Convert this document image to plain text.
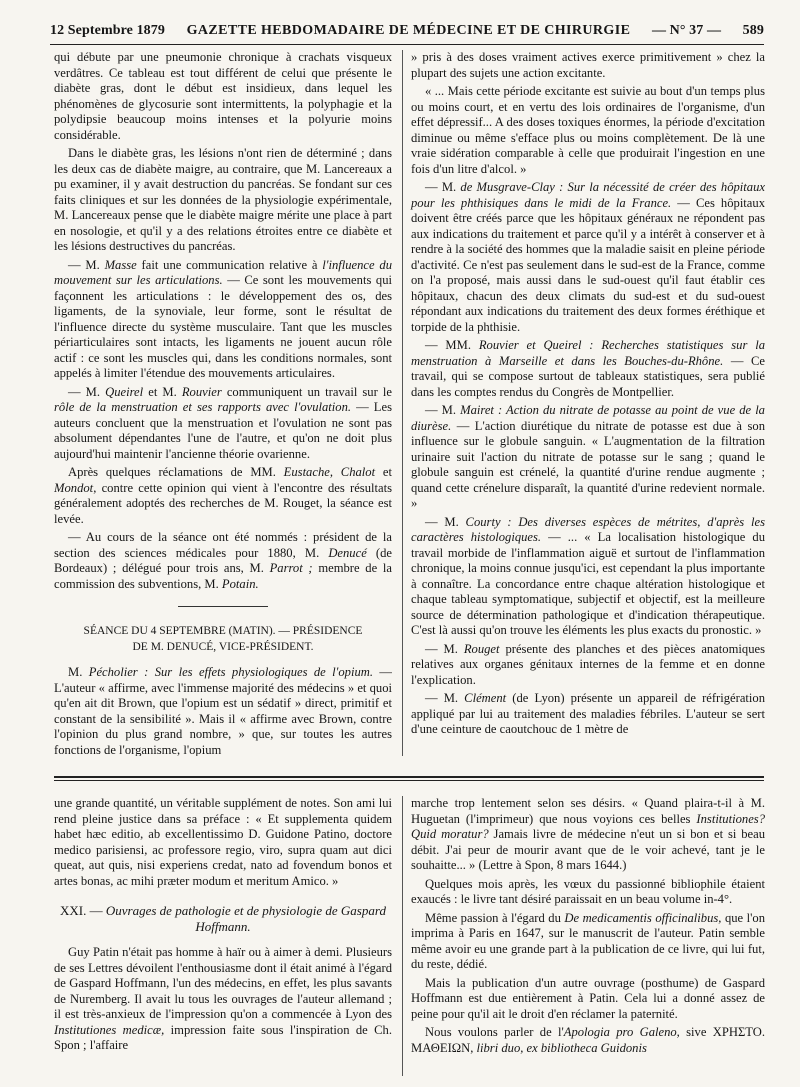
12 Septembre 1879 GAZETTE HEBDOMADAIRE DE MÉDECINE ET DE CHIRURGIE — N° 37 — 589

qui débute par une pneumonie chronique à crachats visqueux verdâtres. Ce tableau est tout différent de celui que présente le diabète gras, dont le début est insidieux, dans lequel les phénomènes de glycosurie sont intermittents, la polyphagie et la polydipsie beaucoup moins intenses et la polyurie moins considérable.

Dans le diabète gras, les lésions n'ont rien de déterminé ; dans les deux cas de diabète maigre, au contraire, que M. Lancereaux a pu examiner, il y avait destruction du pancréas. Se fondant sur ces faits cliniques et sur les données de la physiologie expérimentale, M. Lancereaux pense que le diabète maigre mérite une place à part en nosologie, et qu'il y a des relations étroites entre ce diabète et les lésions destructives du pancréas.

— M. Masse fait une communication relative à l'influence du mouvement sur les articulations. — Ce sont les mouvements qui façonnent les articulations : le développement des os, des ligaments, de la synoviale, leur forme, sont le résultat de l'influence directe du système musculaire. Tant que les muscles périarticulaires sont intacts, les ligaments ne jouent aucun rôle actif : ce sont les muscles qui, dans les conditions normales, sont appelés à limiter l'étendue des mouvements articulaires.

— M. Queirel et M. Rouvier communiquent un travail sur le rôle de la menstruation et ses rapports avec l'ovulation. — Les auteurs concluent que la menstruation et l'ovulation ne sont pas absolument dépendantes l'une de l'autre, et qu'on ne doit plus aujourd'hui maintenir l'ancienne théorie ovarienne.

Après quelques réclamations de MM. Eustache, Chalot et Mondot, contre cette opinion qui vient à l'encontre des résultats généralement adoptés des recherches de M. Rouget, la séance est levée.

— Au cours de la séance ont été nommés : président de la section des sciences médicales pour 1880, M. Denucé (de Bordeaux) ; délégué pour trois ans, M. Parrot ; membre de la commission des subventions, M. Potain.

SÉANCE DU 4 SEPTEMBRE (MATIN). — PRÉSIDENCE
DE M. DENUCÉ, VICE-PRÉSIDENT.

M. Pécholier : Sur les effets physiologiques de l'opium. — L'auteur « affirme, avec l'immense majorité des médecins » et quoi qu'en ait dit Brown, que l'opium est un sédatif » direct, primitif et constant de la sensibilité ». Mais il « affirme avec Brown, contre l'opinion du plus grand nombre, » que, sur toutes les autres fonctions de l'organisme, l'opium

» pris à des doses vraiment actives exerce primitivement » chez la plupart des sujets une action excitante.

« ... Mais cette période excitante est suivie au bout d'un temps plus ou moins court, et en vertu des lois ordinaires de l'organisme, d'un effet dépressif... A des doses toxiques énormes, la période d'excitation diminue ou même s'efface plus ou moins complètement. De là une vraie sidération comparable à celle que produirait l'ingestion en une fois d'un litre d'alcol. »

— M. de Musgrave-Clay : Sur la nécessité de créer des hôpitaux pour les phthisiques dans le midi de la France. — Ces hôpitaux doivent être créés parce que les hôpitaux généraux ne répondent pas aux indications du traitement et parce qu'il y a intérêt à conserver et à rendre à la société des hommes que la maladie saisit en pleine période d'activité. Ce n'est pas seulement dans le sud-est de la France, comme on l'a proposé, mais aussi dans le sud-ouest qu'il faut établir ces hôpitaux, chacun des deux climats du sud-est et du sud-ouest répondant aux indications du traitement des deux formes éréthique et torpide de la phthisie.

— MM. Rouvier et Queirel : Recherches statistiques sur la menstruation à Marseille et dans les Bouches-du-Rhône. — Ce travail, qui se compose surtout de tableaux statistiques, sera publié dans les comptes rendus du Congrès de Montpellier.

— M. Mairet : Action du nitrate de potasse au point de vue de la diurèse. — L'action diurétique du nitrate de potasse est due à son influence sur le globule sanguin. « L'augmentation de la filtration urinaire suit l'action du nitrate de potasse sur le sang ; quand le globule sanguin est crénelé, la quantité d'urine rendue augmente ; quand cette crénelure disparaît, la quantité d'urine redevient normale. »

— M. Courty : Des diverses espèces de métrites, d'après les caractères histologiques. — ... « La localisation histologique du travail morbide de l'inflammation aiguë et surtout de l'inflammation chronique, la moins connue jusqu'ici, est cependant la plus importante à connaître. La concordance entre chaque altération histologique et chaque tableau symptomatique, subjectif et objectif, est la meilleure source de détermination pathologique et d'indication thérapeutique. C'est là aussi qu'on trouve les éléments les plus exacts du pronostic. »

— M. Rouget présente des planches et des pièces anatomiques relatives aux organes génitaux internes de la femme et en donne l'explication.

— M. Clément (de Lyon) présente un appareil de réfrigération appliqué par lui au traitement des maladies fébriles. L'auteur se sert d'une ceinture de caoutchouc de 1 mètre de

une grande quantité, un véritable supplément de notes. Son ami lui rend pleine justice dans sa préface : « Et supplementa quidem habet hæc editio, ab excellentissimo D. Guidone Patino, doctore medico parisiensi, ac professore regio, viro, supra quam aut dici queat, aut quis, nisi experiens credat, nato ad fovendum bonos et artes bonas, ac mihi præter modum et meritum Amico. »

XXI. — Ouvrages de pathologie et de physiologie de Gaspard Hoffmann.

Guy Patin n'était pas homme à haïr ou à aimer à demi. Plusieurs de ses Lettres dévoilent l'enthousiasme dont il était animé à l'égard de Gaspard Hoffmann, l'un des médecins, en effet, les plus savants de Nuremberg. Il avait lu tous les ouvrages de l'auteur allemand ; il est très-anxieux de l'impression qu'on a commencée à Lyon des Institutiones medicæ, impression faite sous l'inspiration de Ch. Spon ; l'affaire

marche trop lentement selon ses désirs. « Quand plaira-t-il à M. Huguetan (l'imprimeur) que nous voyions ces belles Institutiones? Quid moratur? Jamais livre de médecine n'eut un si bon et si beau débit. J'ai peur de mourir avant que de le voir achevé, tant je le souhaitte... » (Lettre à Spon, 8 mars 1644.)

Quelques mois après, les vœux du passionné bibliophile étaient exaucés : le livre tant désiré paraissait en un beau volume in-4°.

Même passion à l'égard du De medicamentis officinalibus, que l'on imprima à Paris en 1647, sur le manuscrit de l'auteur. Patin semble même avoir eu une grande part à la publication de ce livre, qui lui fut, du reste, dédié.

Mais la publication d'un autre ouvrage (posthume) de Gaspard Hoffmann est due entièrement à Patin. Cela lui a donné assez de peine pour qu'il ait le droit d'en réclamer la paternité.

Nous voulons parler de l'Apologia pro Galeno, sive ΧΡΗΣΤΟ. ΜΑΘΕΙΩΝ, libri duo, ex bibliotheca Guidonis
